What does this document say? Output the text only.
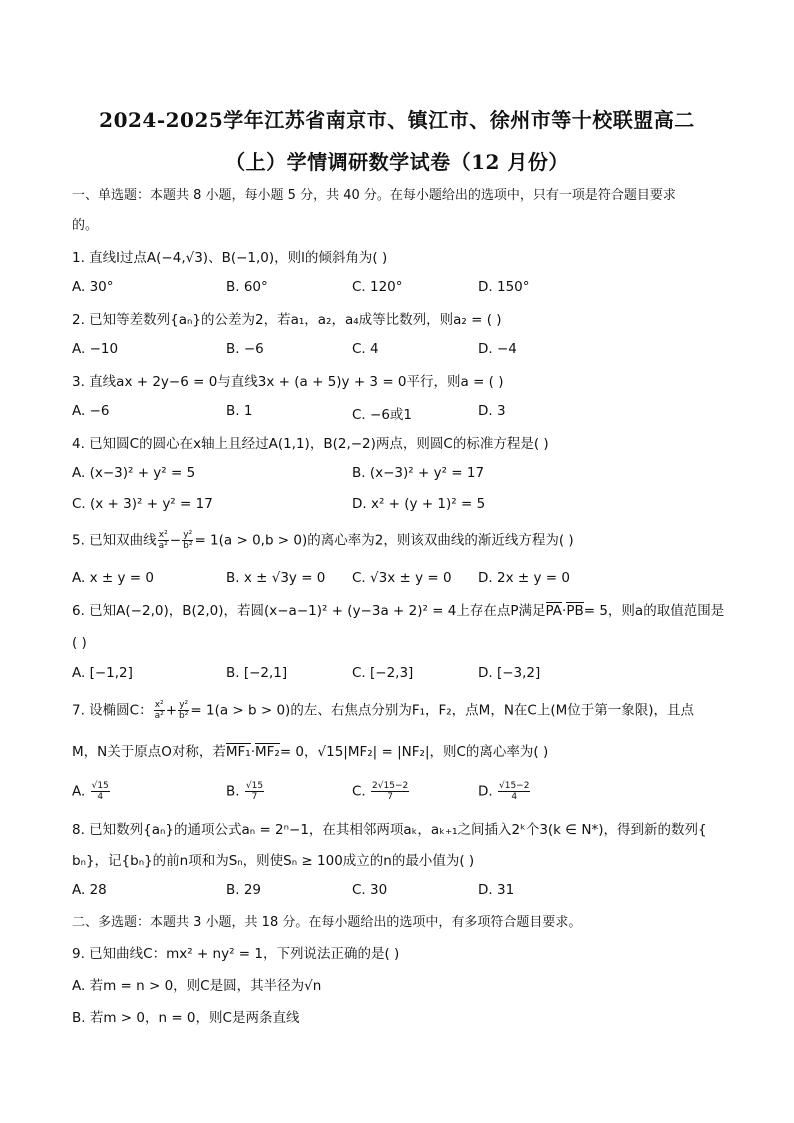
2024-2025学年江苏省南京市、镇江市、徐州市等十校联盟高二
（上）学情调研数学试卷（12 月份）
一、单选题：本题共 8 小题，每小题 5 分，共 40 分。在每小题给出的选项中，只有一项是符合题目要求
的。
1. 直线l过点A(−4,√3)、B(−1,0)，则l的倾斜角为( )
A. 30°	B. 60°	C. 120°	D. 150°
2. 已知等差数列{aₙ}的公差为2，若a₁，a₂，a₄成等比数列，则a₂ = ( )
A. −10	B. −6	C. 4	D. −4
3. 直线ax + 2y−6 = 0与直线3x + (a + 5)y + 3 = 0平行，则a = ( )
A. −6	B. 1	C. −6或1	D. 3
4. 已知圆C的圆心在x轴上且经过A(1,1)，B(2,−2)两点，则圆C的标准方程是( )
A. (x−3)² + y² = 5	B. (x−3)² + y² = 17
C. (x + 3)² + y² = 17	D. x² + (y + 1)² = 5
5. 已知双曲线 $\frac{\text{x²}}{\text{a²}} - \frac{\text{y²}}{\text{b²}} = 1(a > 0,b > 0)$的离心率为2，则该双曲线的渐近线方程为( )
A. x ± y = 0	B. x ± √3y = 0 C. √3x ± y = 0 D. 2x ± y = 0
6. 已知A(−2,0)，B(2,0)，若圆(x−a−1)² + (y−3a + 2)² = 4上存在点P满足PA·PB= 5，则a的取值范围是
( )
A. [−1,2]	B. [−2,1]	C. [−2,3]	D. [−3,2]
7. 设椭圆C： $\frac{\text{x²}}{\text{a²}} + \frac{\text{y²}}{\text{b²}} = 1(a > b > 0)$的左、右焦点分别为F₁，F₂，点M，N在C上(M位于第一象限)，且点
M，N关于原点O对称，若MF₁·MF₂= 0，√15|MF₂| = |NF₂|，则C的离心率为( )
A. $\frac{√15}{4}$	B. $\frac{√15}{7}$	C. $\frac{2√15-2}{7}$	D. $\frac{√15-2}{4}$
8. 已知数列{aₙ}的通项公式aₙ = 2ⁿ−1，在其相邻两项aₖ，aₖ₊₁之间插入2ᵏ个3(k ∈ N*)，得到新的数列{
bₙ}，记{bₙ}的前n项和为Sₙ，则使Sₙ ≥ 100成立的n的最小值为( )
A. 28	B. 29	C. 30	D. 31
二、多选题：本题共 3 小题，共 18 分。在每小题给出的选项中，有多项符合题目要求。
9. 已知曲线C：mx² + ny² = 1，下列说法正确的是( )
A. 若m = n > 0，则C是圆，其半径为√n
B. 若m > 0，n = 0，则C是两条直线
